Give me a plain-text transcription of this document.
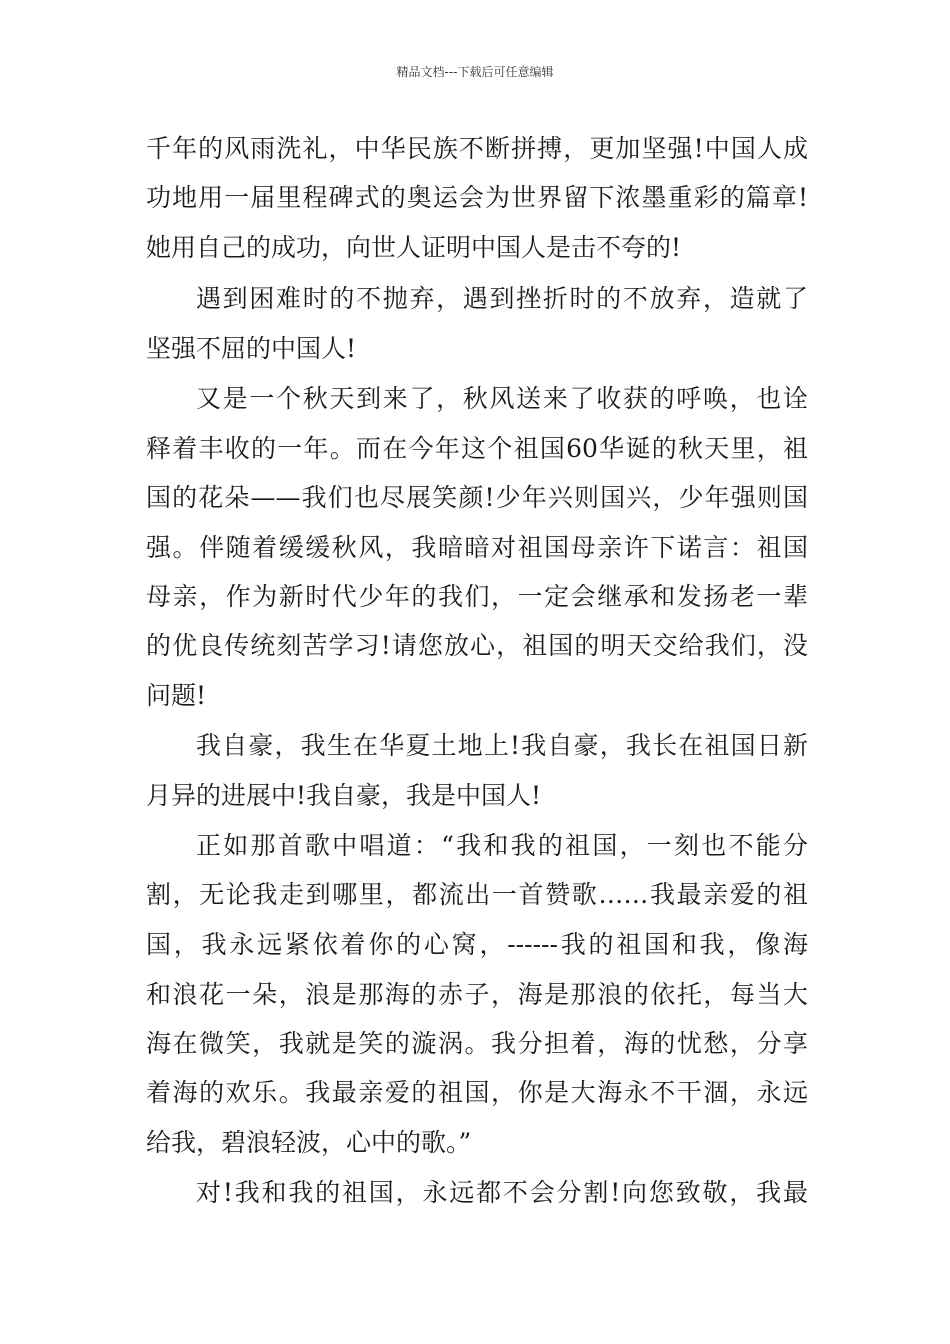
精品文档---下载后可任意编辑
千年的风雨洗礼，中华民族不断拼搏，更加坚强!中国人成
功地用一届里程碑式的奥运会为世界留下浓墨重彩的篇章!
她用自己的成功，向世人证明中国人是击不夸的!
遇到困难时的不抛弃，遇到挫折时的不放弃，造就了
坚强不屈的中国人!
又是一个秋天到来了，秋风送来了收获的呼唤，也诠
释着丰收的一年。而在今年这个祖国60华诞的秋天里，祖
国的花朵——我们也尽展笑颜!少年兴则国兴，少年强则国
强。伴随着缓缓秋风，我暗暗对祖国母亲许下诺言：祖国
母亲，作为新时代少年的我们，一定会继承和发扬老一辈
的优良传统刻苦学习!请您放心，祖国的明天交给我们，没
问题!
我自豪，我生在华夏土地上!我自豪，我长在祖国日新
月异的进展中!我自豪，我是中国人!
正如那首歌中唱道：“我和我的祖国，一刻也不能分
割，无论我走到哪里，都流出一首赞歌……我最亲爱的祖
国，我永远紧依着你的心窝，------我的祖国和我，像海
和浪花一朵，浪是那海的赤子，海是那浪的依托，每当大
海在微笑，我就是笑的漩涡。我分担着，海的忧愁，分享
着海的欢乐。我最亲爱的祖国，你是大海永不干涸，永远
给我，碧浪轻波，心中的歌。”
对!我和我的祖国，永远都不会分割!向您致敬，我最
